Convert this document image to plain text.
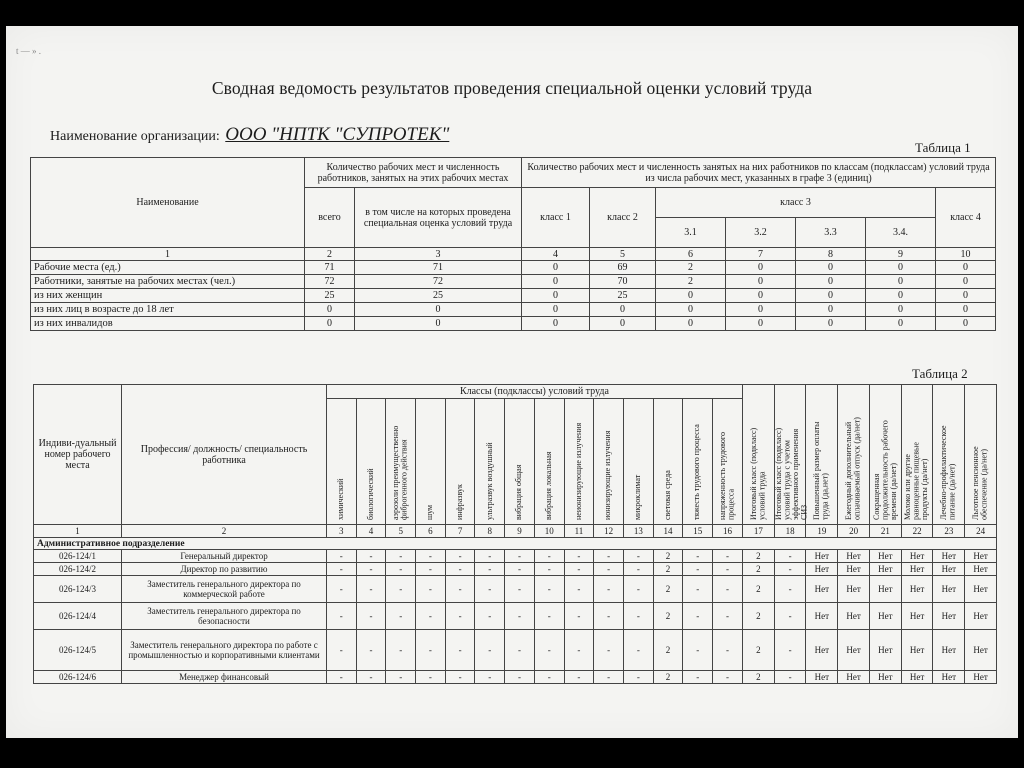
t — » .
Сводная ведомость результатов проведения специальной оценки условий труда
Наименование организации: ООО "НПТК "СУПРОТЕК"
Таблица 1
Наименование	Количество рабочих мест и численность работников, занятых на этих рабочих местах		Количество рабочих мест и численность занятых на них работников по классам (подклассам) условий труда из числа рабочих мест, указанных в графе 3 (единиц)						
	всего	в том числе на которых проведена специальная оценка условий труда	класс 1	класс 2	класс 3				класс 4
					3.1	3.2	3.3	3.4.	
1	2	3	4	5	6	7	8	9	10
Рабочие места (ед.)	71	71	0	69	2	0	0	0	0
Работники, занятые на рабочих местах (чел.)	72	72	0	70	2	0	0	0	0
из них женщин	25	25	0	25	0	0	0	0	0
из них лиц в возрасте до 18 лет	0	0	0	0	0	0	0	0	0
из них инвалидов	0	0	0	0	0	0	0	0	0
Таблица 2
Индиви-дуальный номер рабочего места	Профессия/ должность/ специальность работника	Классы (подклассы) условий труда														Итоговый класс (подкласс) условий труда	Итоговый класс (подкласс) условий труда с учетом эффективного применения СИЗ	Повышенный размер оплаты труда (да,нет)	Ежегодный дополнительный оплачиваемый отпуск (да/нет)	Сокращенная продолжительность рабочего времени (да/нет)	Молоко или другие равноценные пищевые продукты (да/нет)	Лечебно-профилактическое питание (да/нет)	Льготное пенсионное обеспечение (да/нет)
		химический	биологический	аэрозоли преимущественно фиброгенного действия	шум	инфразвук	ультразвук воздушный	вибрация общая	вибрация локальная	неионизирующие излучения	ионизирующие излучения	микроклимат	световая среда	тяжесть трудового процесса	напряженность трудового процесса								
1	2	3	4	5	6	7	8	9	10	11	12	13	14	15	16	17	18	19	20	21	22	23	24
Административное подразделение																							
026-124/1	Генеральный директор	-	-	-	-	-	-	-	-	-	-	-	2	-	-	2	-	Нет	Нет	Нет	Нет	Нет	Нет
026-124/2	Директор по развитию	-	-	-	-	-	-	-	-	-	-	-	2	-	-	2	-	Нет	Нет	Нет	Нет	Нет	Нет
026-124/3	Заместитель генерального директора по коммерческой работе	-	-	-	-	-	-	-	-	-	-	-	2	-	-	2	-	Нет	Нет	Нет	Нет	Нет	Нет
026-124/4	Заместитель генерального директора по безопасности	-	-	-	-	-	-	-	-	-	-	-	2	-	-	2	-	Нет	Нет	Нет	Нет	Нет	Нет
026-124/5	Заместитель генерального директора по работе с промышленностью и корпоративными клиентами	-	-	-	-	-	-	-	-	-	-	-	2	-	-	2	-	Нет	Нет	Нет	Нет	Нет	Нет
026-124/6	Менеджер финансовый	-	-	-	-	-	-	-	-	-	-	-	2	-	-	2	-	Нет	Нет	Нет	Нет	Нет	Нет
